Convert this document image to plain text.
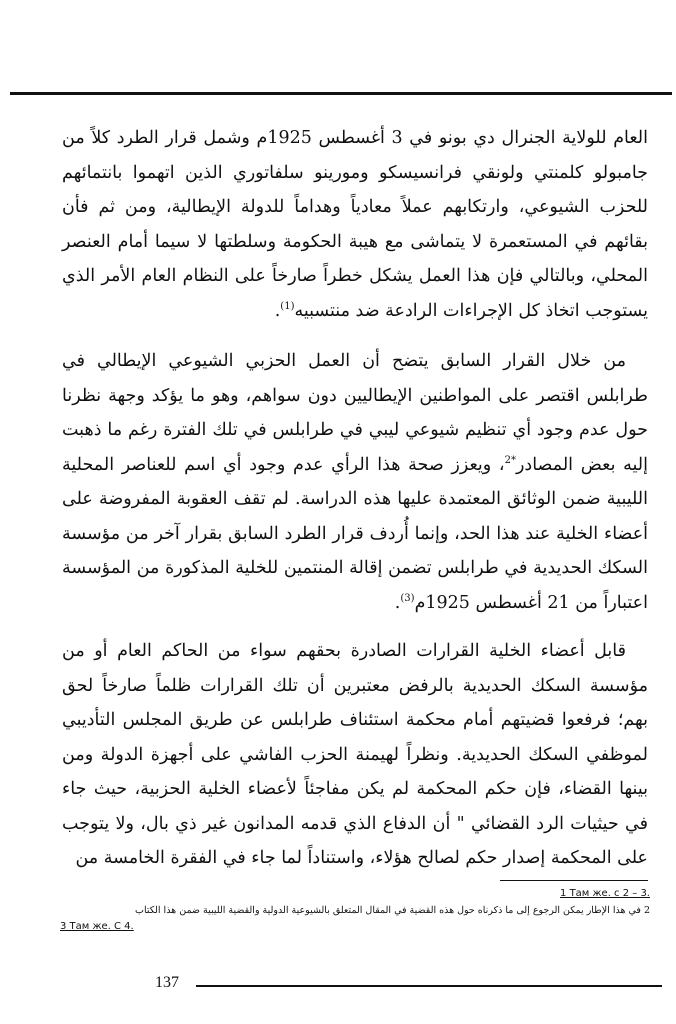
العام للولاية الجنرال دي بونو في 3 أغسطس 1925م وشمل قرار الطرد كلاً من جامبولو كلمنتي ولونقي فرانسيسكو ومورينو سلفاتوري الذين اتهموا بانتمائهم للحزب الشيوعي، وارتكابهم عملاً معادياً وهداماً للدولة الإيطالية، ومن ثم فأن بقائهم في المستعمرة لا يتماشى مع هيبة الحكومة وسلطتها لا سيما أمام العنصر المحلي، وبالتالي فإن هذا العمل يشكل خطراً صارخاً على النظام العام الأمر الذي يستوجب اتخاذ كل الإجراءات الرادعة ضد منتسبيه$^{(1)}$.

من خلال القرار السابق يتضح أن العمل الحزبي الشيوعي الإيطالي في طرابلس اقتصر على المواطنين الإيطاليين دون سواهم، وهو ما يؤكد وجهة نظرنا حول عدم وجود أي تنظيم شيوعي ليبي في طرابلس في تلك الفترة رغم ما ذهبت إليه بعض المصادر$^{*2}$، ويعزز صحة هذا الرأي عدم وجود أي اسم للعناصر المحلية الليبية ضمن الوثائق المعتمدة عليها هذه الدراسة. لم تقف العقوبة المفروضة على أعضاء الخلية عند هذا الحد، وإنما أُردف قرار الطرد السابق بقرار آخر من مؤسسة السكك الحديدية في طرابلس تضمن إقالة المنتمين للخلية المذكورة من المؤسسة اعتباراً من 21 أغسطس 1925م$^{(3)}$.

قابل أعضاء الخلية القرارات الصادرة بحقهم سواء من الحاكم العام أو من مؤسسة السكك الحديدية بالرفض معتبرين أن تلك القرارات ظلماً صارخاً لحق بهم؛ فرفعوا قضيتهم أمام محكمة استئناف طرابلس عن طريق المجلس التأديبي لموظفي السكك الحديدية. ونظراً لهيمنة الحزب الفاشي على أجهزة الدولة ومن بينها القضاء، فإن حكم المحكمة لم يكن مفاجئاً لأعضاء الخلية الحزبية، حيث جاء في حيثيات الرد القضائي " أن الدفاع الذي قدمه المدانون غير ذي بال، ولا يتوجب على المحكمة إصدار حكم لصالح هؤلاء، واستناداً لما جاء في الفقرة الخامسة من

1 Там же. с 2 – 3.
2 في هذا الإطار يمكن الرجوع إلى ما ذكرناه حول هذه القضية في المقال المتعلق بالشيوعية الدولية والقضية الليبية ضمن هذا الكتاب
3 Там же. С 4.
137
